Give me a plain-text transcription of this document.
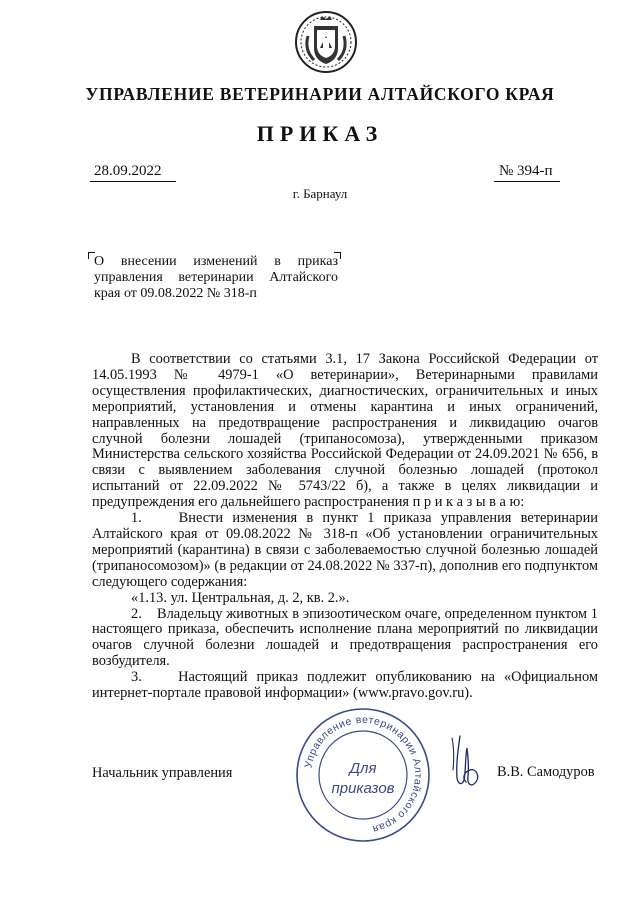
УПРАВЛЕНИЕ ВЕТЕРИНАРИИ АЛТАЙСКОГО КРАЯ
ПРИКАЗ
28.09.2022	№ 394-п
г. Барнаул
О внесении изменений в приказ управления ветеринарии Алтайского края от 09.08.2022 № 318-п

В соответствии со статьями 3.1, 17 Закона Российской Федерации от 14.05.1993 № 4979-1 «О ветеринарии», Ветеринарными правилами осуществления профилактических, диагностических, ограничительных и иных мероприятий, установления и отмены карантина и иных ограничений, направленных на предотвращение распространения и ликвидацию очагов случной болезни лошадей (трипаносомоза), утвержденными приказом Министерства сельского хозяйства Российской Федерации от 24.09.2021 № 656, в связи с выявлением заболевания случной болезнью лошадей (протокол испытаний от 22.09.2022 № 5743/22 б), а также в целях ликвидации и предупреждения его дальнейшего распространения п р и к а з ы в а ю:

1.    Внести изменения в пункт 1 приказа управления ветеринарии Алтайского края от 09.08.2022 № 318-п «Об установлении ограничительных мероприятий (карантина) в связи с заболеваемостью случной болезнью лошадей (трипаносомозом)» (в редакции от 24.08.2022 № 337-п), дополнив его подпунктом следующего содержания:

«1.13. ул. Центральная, д. 2, кв. 2.».

2.    Владельцу животных в эпизоотическом очаге, определенном пунктом 1 настоящего приказа, обеспечить исполнение плана мероприятий по ликвидации очагов случной болезни лошадей и предотвращения распространения его возбудителя.

3.    Настоящий приказ подлежит опубликованию на «Официальном интернет-портале правовой информации» (www.pravo.gov.ru).

Начальник управления	В.В. Самодуров
Управление ветеринарии Алтайского края
Для
приказов
